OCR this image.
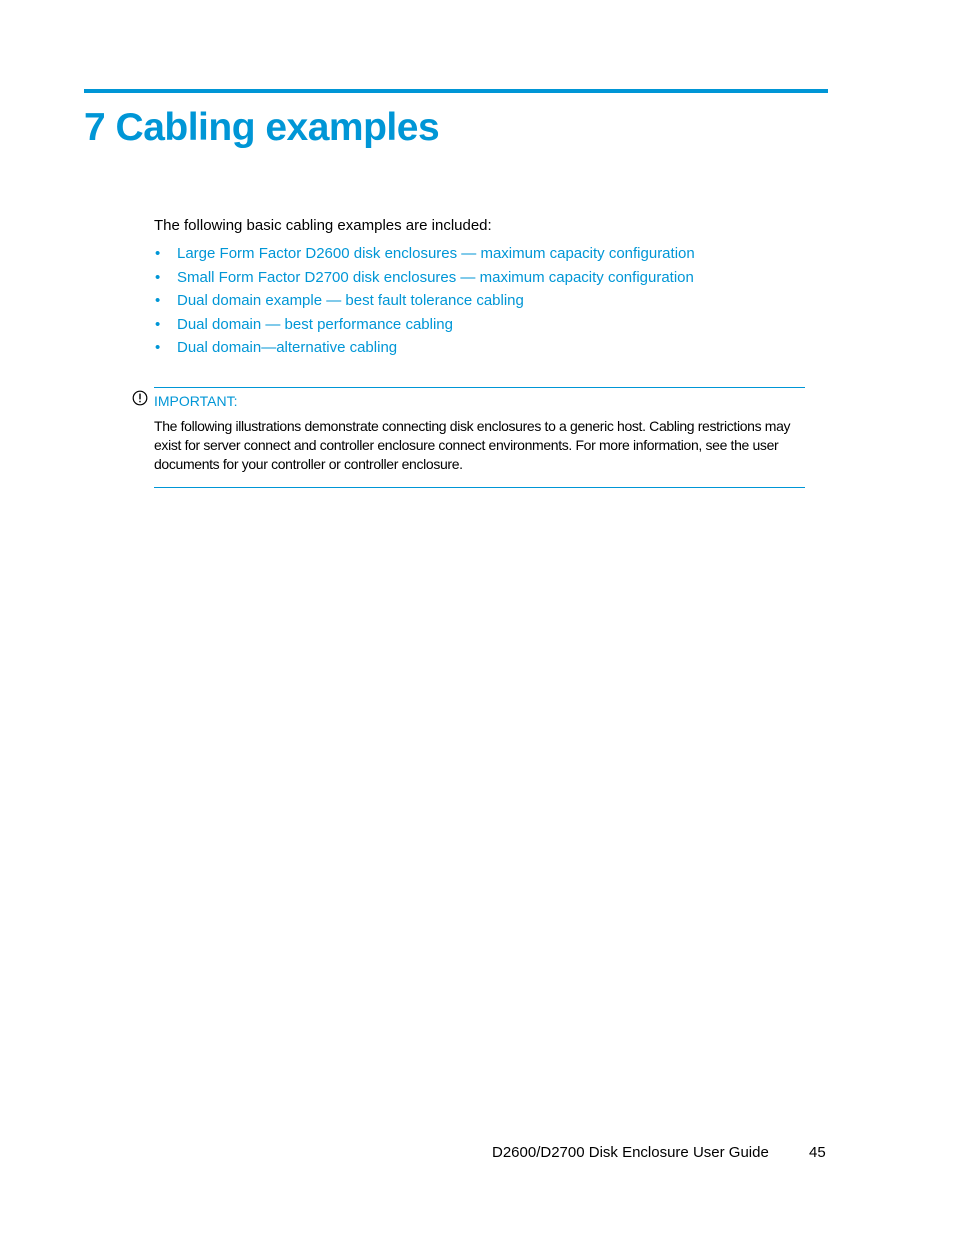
7 Cabling examples

The following basic cabling examples are included:

• Large Form Factor D2600 disk enclosures — maximum capacity configuration
• Small Form Factor D2700 disk enclosures — maximum capacity configuration
• Dual domain example — best fault tolerance cabling
• Dual domain — best performance cabling
• Dual domain—alternative cabling
IMPORTANT:

The following illustrations demonstrate connecting disk enclosures to a generic host. Cabling restrictions may exist for server connect and controller enclosure connect environments. For more information, see the user documents for your controller or controller enclosure.

D2600/D2700 Disk Enclosure User Guide	45
